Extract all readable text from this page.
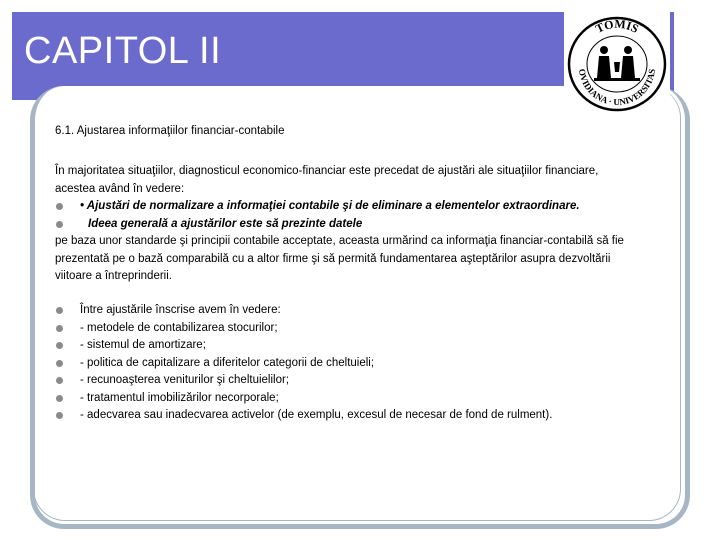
CAPITOL II
TOMIS
OVIDIANA · UNIVERSITAS
6.1. Ajustarea informaţiilor financiar-contabile
În majoritatea situaţiilor, diagnosticul economico-financiar este precedat de ajustări ale situaţiilor financiare,
acestea având în vedere:
• Ajustări de normalizare a informaţiei contabile şi de eliminare a elementelor extraordinare.
Ideea generală a ajustărilor este să prezinte datele
pe baza unor standarde şi principii contabile acceptate, aceasta urmărind ca informaţia financiar-contabilă să fie
prezentată pe o bază comparabilă cu a altor firme şi să permită fundamentarea aşteptărilor asupra dezvoltării
viitoare a întreprinderii.
Între ajustările înscrise avem în vedere:
- metodele de contabilizarea stocurilor;
- sistemul de amortizare;
- politica de capitalizare a diferitelor categorii de cheltuieli;
- recunoaşterea veniturilor şi cheltuielilor;
- tratamentul imobilizărilor necorporale;
- adecvarea sau inadecvarea activelor (de exemplu, excesul de necesar de fond de rulment).
